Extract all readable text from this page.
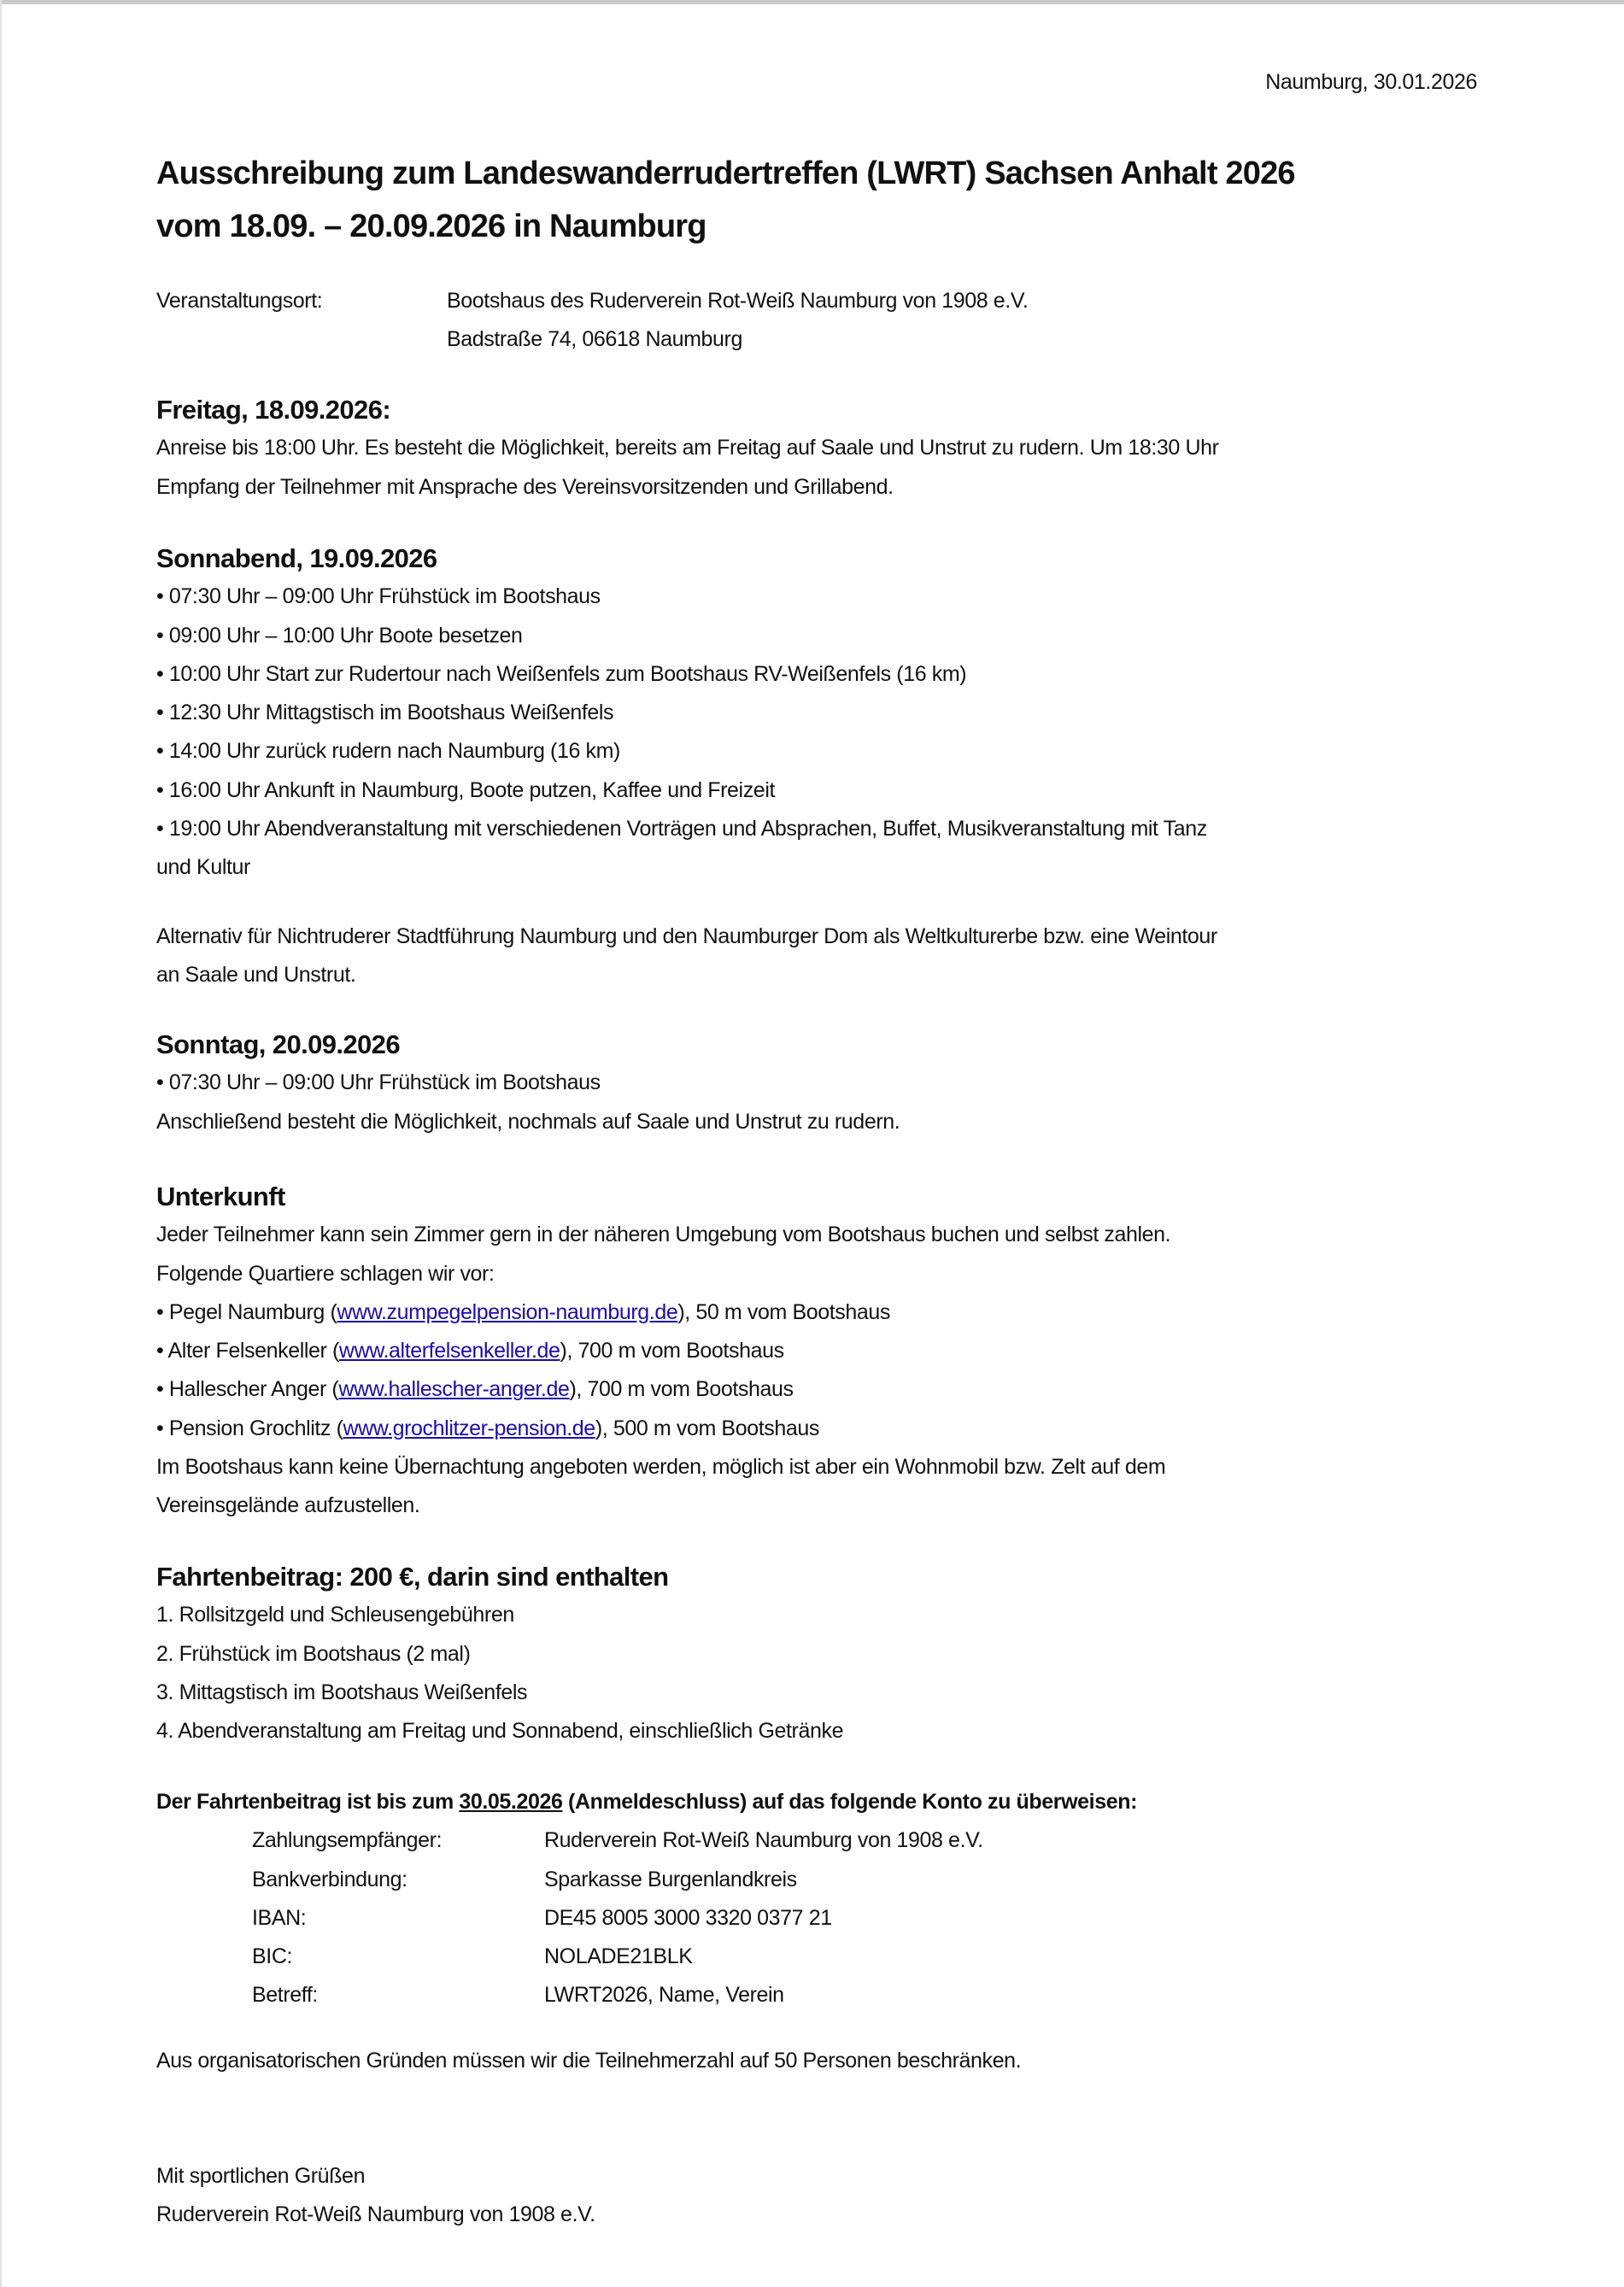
Naumburg, 30.01.2026
Ausschreibung zum Landeswanderrudertreffen (LWRT) Sachsen Anhalt 2026
vom 18.09. – 20.09.2026 in Naumburg
Veranstaltungsort:	Bootshaus des Ruderverein Rot-Weiß Naumburg von 1908 e.V.
Badstraße 74, 06618 Naumburg
Freitag, 18.09.2026:
Anreise bis 18:00 Uhr. Es besteht die Möglichkeit, bereits am Freitag auf Saale und Unstrut zu rudern. Um 18:30 Uhr
Empfang der Teilnehmer mit Ansprache des Vereinsvorsitzenden und Grillabend.
Sonnabend, 19.09.2026
• 07:30 Uhr – 09:00 Uhr Frühstück im Bootshaus
• 09:00 Uhr – 10:00 Uhr Boote besetzen
• 10:00 Uhr Start zur Rudertour nach Weißenfels zum Bootshaus RV-Weißenfels (16 km)
• 12:30 Uhr Mittagstisch im Bootshaus Weißenfels
• 14:00 Uhr zurück rudern nach Naumburg (16 km)
• 16:00 Uhr Ankunft in Naumburg, Boote putzen, Kaffee und Freizeit
• 19:00 Uhr Abendveranstaltung mit verschiedenen Vorträgen und Absprachen, Buffet, Musikveranstaltung mit Tanz
und Kultur
Alternativ für Nichtruderer Stadtführung Naumburg und den Naumburger Dom als Weltkulturerbe bzw. eine Weintour
an Saale und Unstrut.
Sonntag, 20.09.2026
• 07:30 Uhr – 09:00 Uhr Frühstück im Bootshaus
Anschließend besteht die Möglichkeit, nochmals auf Saale und Unstrut zu rudern.
Unterkunft
Jeder Teilnehmer kann sein Zimmer gern in der näheren Umgebung vom Bootshaus buchen und selbst zahlen.
Folgende Quartiere schlagen wir vor:
• Pegel Naumburg (www.zumpegelpension-naumburg.de), 50 m vom Bootshaus
• Alter Felsenkeller (www.alterfelsenkeller.de), 700 m vom Bootshaus
• Hallescher Anger (www.hallescher-anger.de), 700 m vom Bootshaus
• Pension Grochlitz (www.grochlitzer-pension.de), 500 m vom Bootshaus
Im Bootshaus kann keine Übernachtung angeboten werden, möglich ist aber ein Wohnmobil bzw. Zelt auf dem
Vereinsgelände aufzustellen.
Fahrtenbeitrag: 200 €, darin sind enthalten
1. Rollsitzgeld und Schleusengebühren
2. Frühstück im Bootshaus (2 mal)
3. Mittagstisch im Bootshaus Weißenfels
4. Abendveranstaltung am Freitag und Sonnabend, einschließlich Getränke
Der Fahrtenbeitrag ist bis zum 30.05.2026 (Anmeldeschluss) auf das folgende Konto zu überweisen:
Zahlungsempfänger:	Ruderverein Rot-Weiß Naumburg von 1908 e.V.
Bankverbindung:	Sparkasse Burgenlandkreis
IBAN:	DE45 8005 3000 3320 0377 21
BIC:	NOLADE21BLK
Betreff:	LWRT2026, Name, Verein
Aus organisatorischen Gründen müssen wir die Teilnehmerzahl auf 50 Personen beschränken.
Mit sportlichen Grüßen
Ruderverein Rot-Weiß Naumburg von 1908 e.V.
